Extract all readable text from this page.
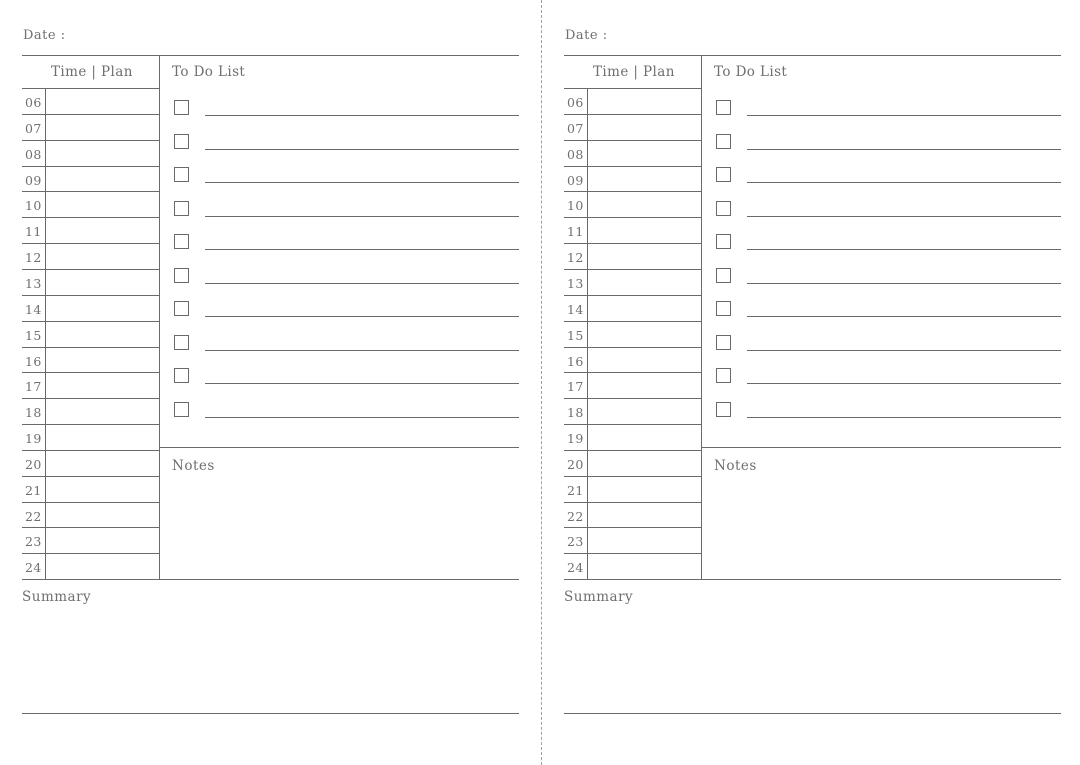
Date :
Time | Plan	To Do List
06
07
08
09
10
11
12
13
14
15
16
17
18
19
20
21
22
23
24
Notes
Summary
Date :
Time | Plan	To Do List
06
07
08
09
10
11
12
13
14
15
16
17
18
19
20
21
22
23
24
Notes
Summary
